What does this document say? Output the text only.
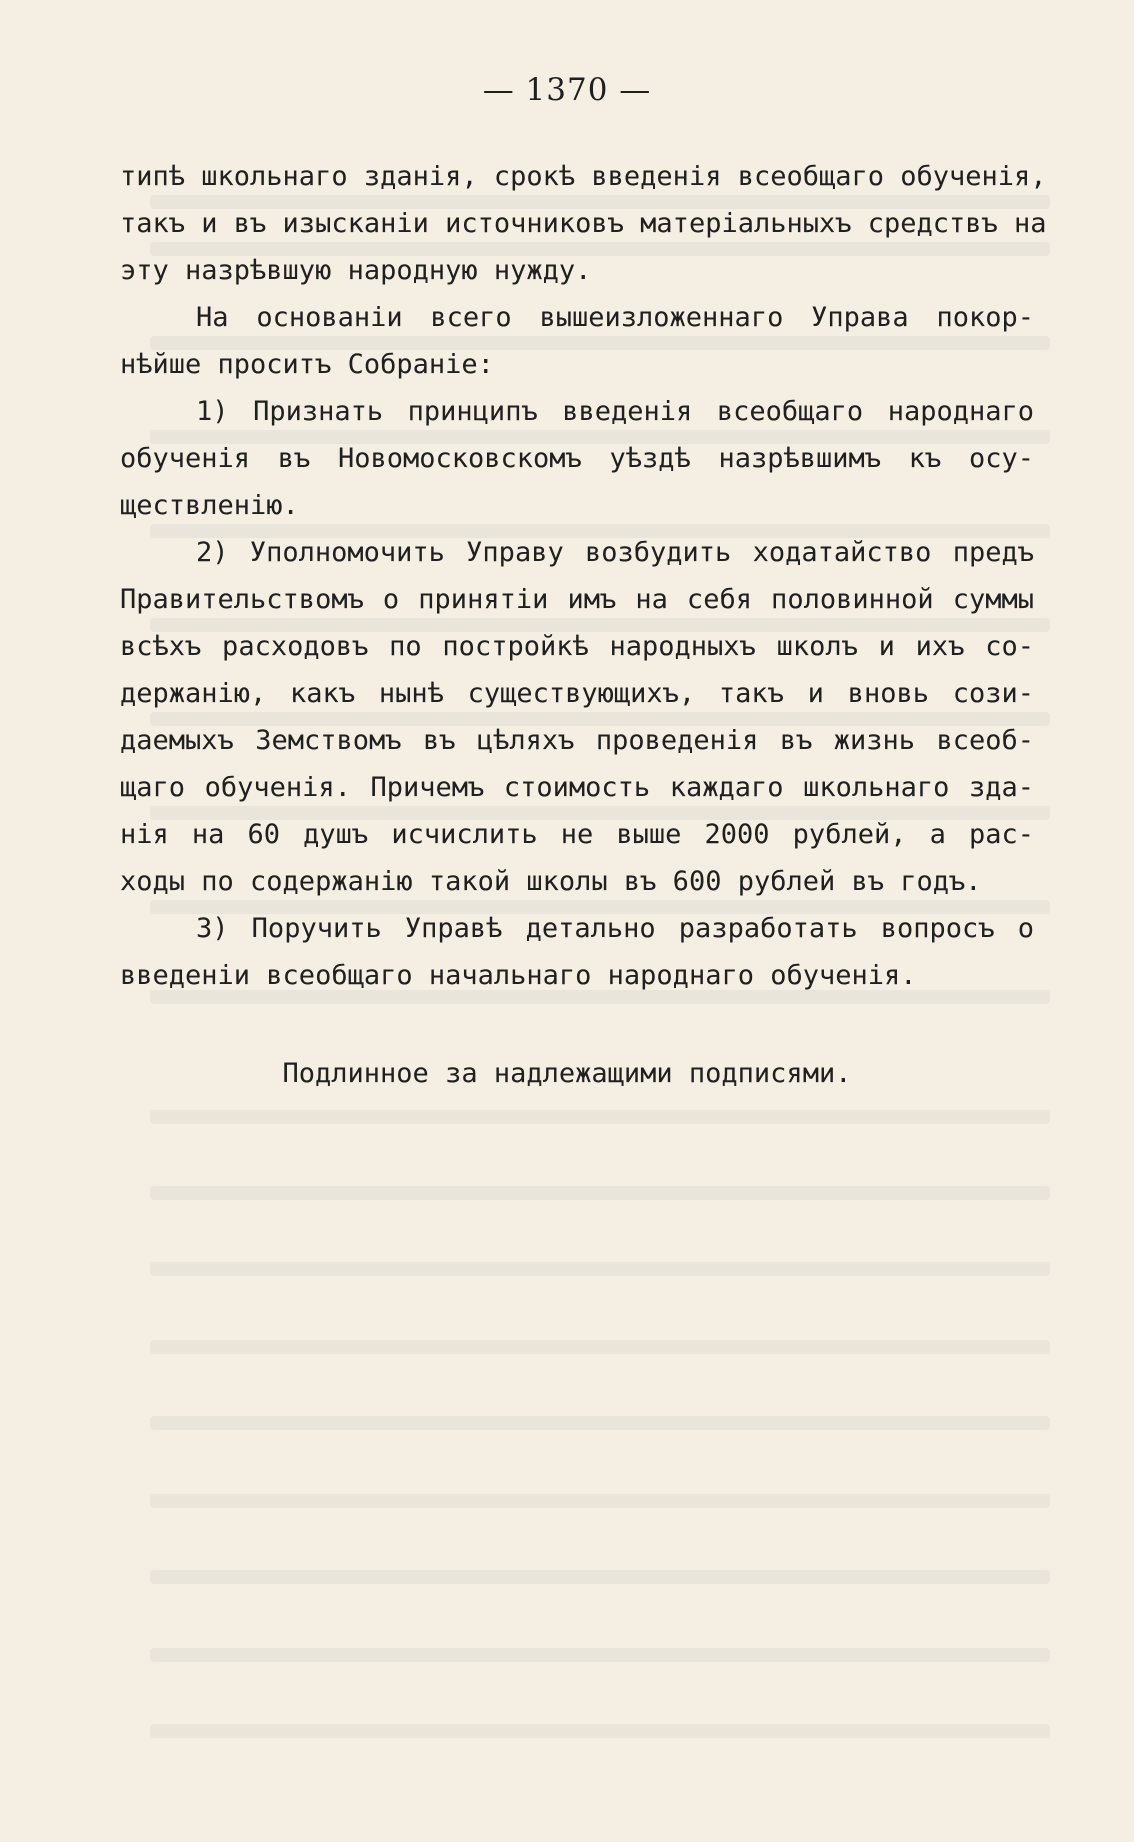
— 1370 —
типѣ школьнаго зданія, срокѣ введенія всеобщаго обученія,
такъ и въ изысканіи источниковъ матеріальныхъ средствъ на
эту назрѣвшую народную нужду.
На основаніи всего вышеизложеннаго Управа покор-
нѣйше проситъ Собраніе:
1) Признать принципъ введенія всеобщаго народнаго
обученія въ Новомосковскомъ уѣздѣ назрѣвшимъ къ осу-
ществленію.
2) Уполномочить Управу возбудить ходатайство предъ
Правительствомъ о принятіи имъ на себя половинной суммы
всѣхъ расходовъ по постройкѣ народныхъ школъ и ихъ со-
держанію, какъ нынѣ существующихъ, такъ и вновь сози-
даемыхъ Земствомъ въ цѣляхъ проведенія въ жизнь всеоб-
щаго обученія. Причемъ стоимость каждаго школьнаго зда-
нія на 60 душъ исчислить не выше 2000 рублей, а рас-
ходы по содержанію такой школы въ 600 рублей въ годъ.
3) Поручить Управѣ детально разработать вопросъ о
введеніи всеобщаго начальнаго народнаго обученія.
Подлинное за надлежащими подписями.
